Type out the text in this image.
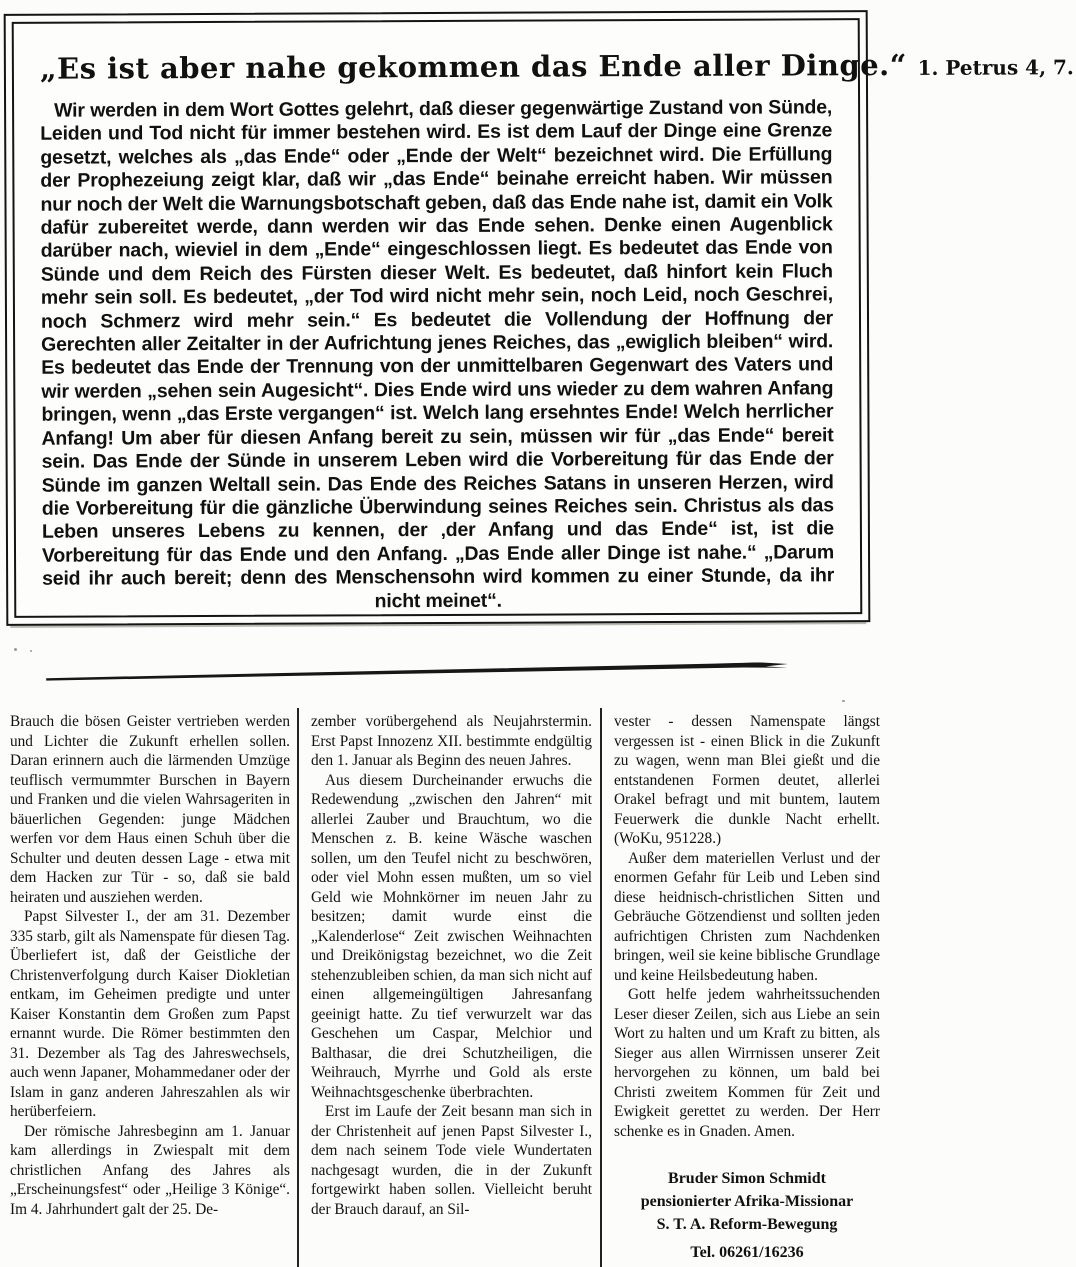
„Es ist aber nahe gekommen das Ende aller Dinge.“ 1. Petrus 4, 7.

Wir werden in dem Wort Gottes gelehrt, daß dieser gegenwärtige Zustand von Sünde, Leiden und Tod nicht für immer bestehen wird. Es ist dem Lauf der Dinge eine Grenze gesetzt, welches als „das Ende“ oder „Ende der Welt“ bezeichnet wird. Die Erfüllung der Prophezeiung zeigt klar, daß wir „das Ende“ beinahe erreicht haben. Wir müssen nur noch der Welt die Warnungsbotschaft geben, daß das Ende nahe ist, damit ein Volk dafür zubereitet werde, dann werden wir das Ende sehen. Denke einen Augenblick darüber nach, wieviel in dem „Ende“ eingeschlossen liegt. Es bedeutet das Ende von Sünde und dem Reich des Fürsten dieser Welt. Es bedeutet, daß hinfort kein Fluch mehr sein soll. Es bedeutet, „der Tod wird nicht mehr sein, noch Leid, noch Geschrei, noch Schmerz wird mehr sein.“ Es bedeutet die Vollendung der Hoffnung der Gerechten aller Zeitalter in der Aufrichtung jenes Reiches, das „ewiglich bleiben“ wird. Es bedeutet das Ende der Trennung von der unmittelbaren Gegenwart des Vaters und wir werden „sehen sein Augesicht“. Dies Ende wird uns wieder zu dem wahren Anfang bringen, wenn „das Erste vergangen“ ist. Welch lang ersehntes Ende! Welch herrlicher Anfang! Um aber für diesen Anfang bereit zu sein, müssen wir für „das Ende“ bereit sein. Das Ende der Sünde in unserem Leben wird die Vorbereitung für das Ende der Sünde im ganzen Weltall sein. Das Ende des Reiches Satans in unseren Herzen, wird die Vorbereitung für die gänzliche Überwindung seines Reiches sein. Christus als das Leben unseres Lebens zu kennen, der ‚der Anfang und das Ende“ ist, ist die Vorbereitung für das Ende und den Anfang. „Das Ende aller Dinge ist nahe.“ „Darum seid ihr auch bereit; denn des Menschensohn wird kommen zu einer Stunde, da ihr nicht meinet“.

Brauch die bösen Geister vertrieben werden und Lichter die Zukunft erhellen sollen. Daran erinnern auch die lärmenden Umzüge teuflisch vermummter Burschen in Bayern und Franken und die vielen Wahrsageriten in bäuerlichen Gegenden: junge Mädchen werfen vor dem Haus einen Schuh über die Schulter und deuten dessen Lage - etwa mit dem Hacken zur Tür - so, daß sie bald heiraten und ausziehen werden.

Papst Silvester I., der am 31. Dezember 335 starb, gilt als Namenspate für diesen Tag. Überliefert ist, daß der Geistliche der Christenverfolgung durch Kaiser Diokletian entkam, im Geheimen predigte und unter Kaiser Konstantin dem Großen zum Papst ernannt wurde. Die Römer bestimmten den 31. Dezember als Tag des Jahreswechsels, auch wenn Japaner, Mohammedaner oder der Islam in ganz anderen Jahreszahlen als wir herüberfeiern.

Der römische Jahresbeginn am 1. Januar kam allerdings in Zwiespalt mit dem christlichen Anfang des Jahres als „Erscheinungsfest“ oder „Heilige 3 Könige“. Im 4. Jahrhundert galt der 25. De-

zember vorübergehend als Neujahrstermin. Erst Papst Innozenz XII. bestimmte endgültig den 1. Januar als Beginn des neuen Jahres.

Aus diesem Durcheinander erwuchs die Redewendung „zwischen den Jahren“ mit allerlei Zauber und Brauchtum, wo die Menschen z. B. keine Wäsche waschen sollen, um den Teufel nicht zu beschwören, oder viel Mohn essen mußten, um so viel Geld wie Mohnkörner im neuen Jahr zu besitzen; damit wurde einst die „Kalenderlose“ Zeit zwischen Weihnachten und Dreikönigstag bezeichnet, wo die Zeit stehenzubleiben schien, da man sich nicht auf einen allgemeingültigen Jahresanfang geeinigt hatte. Zu tief verwurzelt war das Geschehen um Caspar, Melchior und Balthasar, die drei Schutzheiligen, die Weihrauch, Myrrhe und Gold als erste Weihnachtsgeschenke überbrachten.

Erst im Laufe der Zeit besann man sich in der Christenheit auf jenen Papst Silvester I., dem nach seinem Tode viele Wundertaten nachgesagt wurden, die in der Zukunft fortgewirkt haben sollen. Vielleicht beruht der Brauch darauf, an Sil-

vester - dessen Namenspate längst vergessen ist - einen Blick in die Zukunft zu wagen, wenn man Blei gießt und die entstandenen Formen deutet, allerlei Orakel befragt und mit buntem, lautem Feuerwerk die dunkle Nacht erhellt. (WoKu, 951228.)

Außer dem materiellen Verlust und der enormen Gefahr für Leib und Leben sind diese heidnisch-christlichen Sitten und Gebräuche Götzendienst und sollten jeden aufrichtigen Christen zum Nachdenken bringen, weil sie keine biblische Grundlage und keine Heilsbedeutung haben.

Gott helfe jedem wahrheitssuchenden Leser dieser Zeilen, sich aus Liebe an sein Wort zu halten und um Kraft zu bitten, als Sieger aus allen Wirrnissen unserer Zeit hervorgehen zu können, um bald bei Christi zweitem Kommen für Zeit und Ewigkeit gerettet zu werden. Der Herr schenke es in Gnaden. Amen.

Bruder Simon Schmidt
pensionierter Afrika-Missionar
S. T. A. Reform-Bewegung
Tel. 06261/16236
